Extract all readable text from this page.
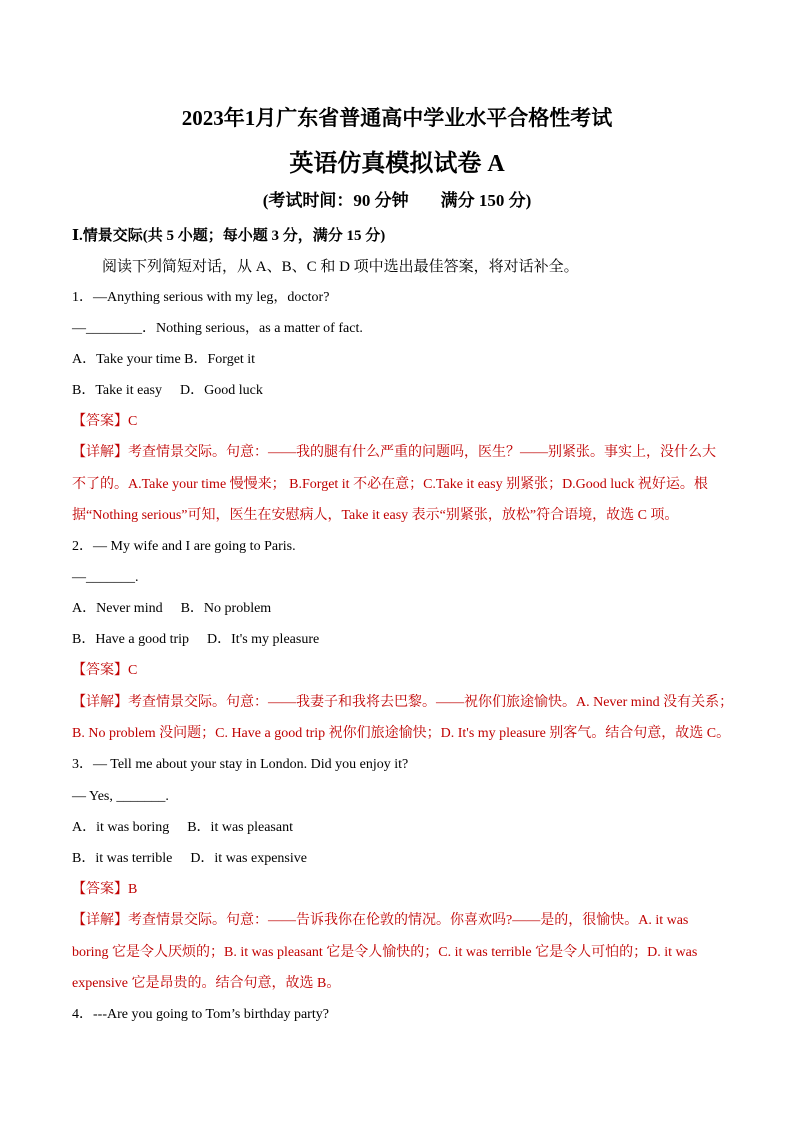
2023年1月广东省普通高中学业水平合格性考试
英语仿真模拟试卷 A
(考试时间：90 分钟 满分 150 分)
Ⅰ.情景交际(共 5 小题；每小题 3 分，满分 15 分)
阅读下列简短对话，从 A、B、C 和 D 项中选出最佳答案，将对话补全。
1．—Anything serious with my leg，doctor?
—________．Nothing serious，as a matter of fact.
A．Take your time B．Forget it
B．Take it easy D．Good luck
【答案】C
【详解】考查情景交际。句意：——我的腿有什么严重的问题吗，医生？——别紧张。事实上，没什么大
不了的。A.Take your time 慢慢来； B.Forget it 不必在意；C.Take it easy 别紧张；D.Good luck 祝好运。根
据“Nothing serious”可知，医生在安慰病人，Take it easy 表示“别紧张，放松”符合语境，故选 C 项。
2．— My wife and I are going to Paris.
—_______.
A．Never mind B．No problem
B．Have a good trip D．It's my pleasure
【答案】C
【详解】考查情景交际。句意：——我妻子和我将去巴黎。——祝你们旅途愉快。A. Never mind 没有关系；
B. No problem 没问题；C. Have a good trip 祝你们旅途愉快；D. It's my pleasure 别客气。结合句意，故选 C。
3．— Tell me about your stay in London. Did you enjoy it?
— Yes, _______.
A．it was boring B．it was pleasant
B．it was terrible D．it was expensive
【答案】B
【详解】考查情景交际。句意：——告诉我你在伦敦的情况。你喜欢吗?——是的，很愉快。A. it was
boring 它是令人厌烦的；B. it was pleasant 它是令人愉快的；C. it was terrible 它是令人可怕的；D. it was
expensive 它是昂贵的。结合句意，故选 B。
4．---Are you going to Tom’s birthday party?
